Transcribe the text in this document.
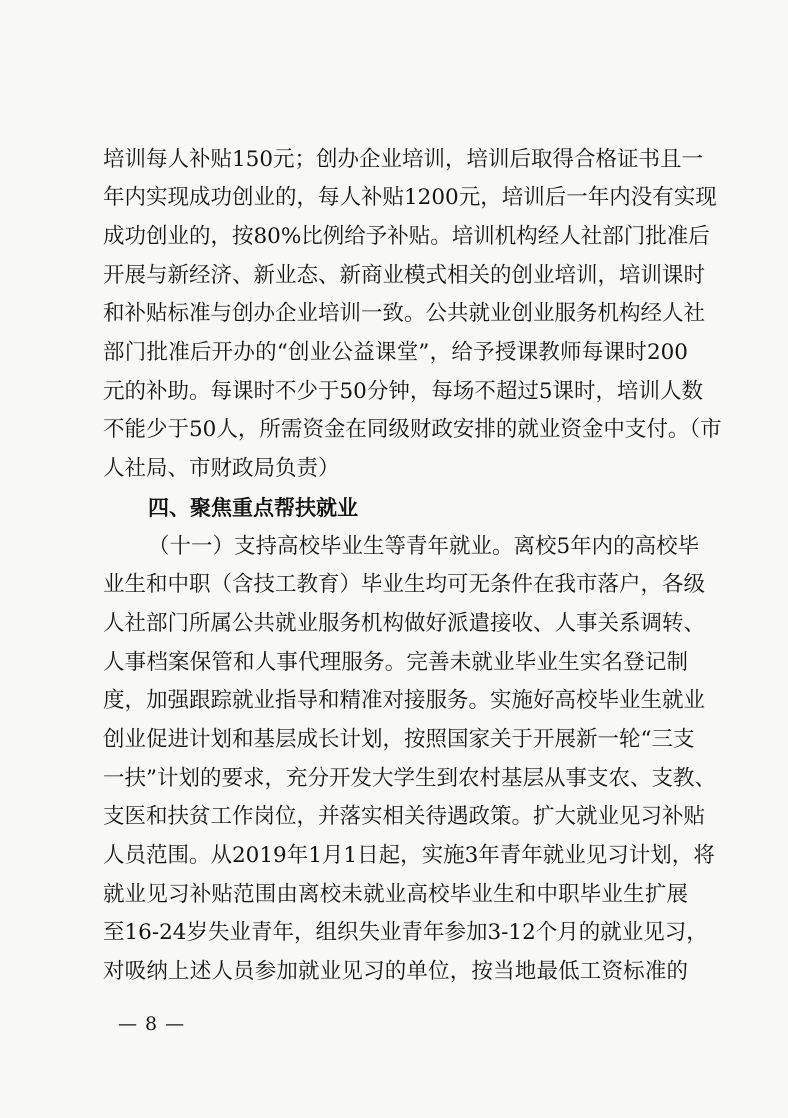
培训每人补贴150元；创办企业培训，培训后取得合格证书且一
年内实现成功创业的，每人补贴1200元，培训后一年内没有实现
成功创业的，按80%比例给予补贴。培训机构经人社部门批准后
开展与新经济、新业态、新商业模式相关的创业培训，培训课时
和补贴标准与创办企业培训一致。公共就业创业服务机构经人社
部门批准后开办的“创业公益课堂”，给予授课教师每课时200
元的补助。每课时不少于50分钟，每场不超过5课时，培训人数
不能少于50人，所需资金在同级财政安排的就业资金中支付。（市
人社局、市财政局负责）
四、聚焦重点帮扶就业
（十一）支持高校毕业生等青年就业。离校5年内的高校毕
业生和中职（含技工教育）毕业生均可无条件在我市落户，各级
人社部门所属公共就业服务机构做好派遣接收、人事关系调转、
人事档案保管和人事代理服务。完善未就业毕业生实名登记制
度，加强跟踪就业指导和精准对接服务。实施好高校毕业生就业
创业促进计划和基层成长计划，按照国家关于开展新一轮“三支
一扶”计划的要求，充分开发大学生到农村基层从事支农、支教、
支医和扶贫工作岗位，并落实相关待遇政策。扩大就业见习补贴
人员范围。从2019年1月1日起，实施3年青年就业见习计划，将
就业见习补贴范围由离校未就业高校毕业生和中职毕业生扩展
至16-24岁失业青年，组织失业青年参加3-12个月的就业见习，
对吸纳上述人员参加就业见习的单位，按当地最低工资标准的
— 8 —
